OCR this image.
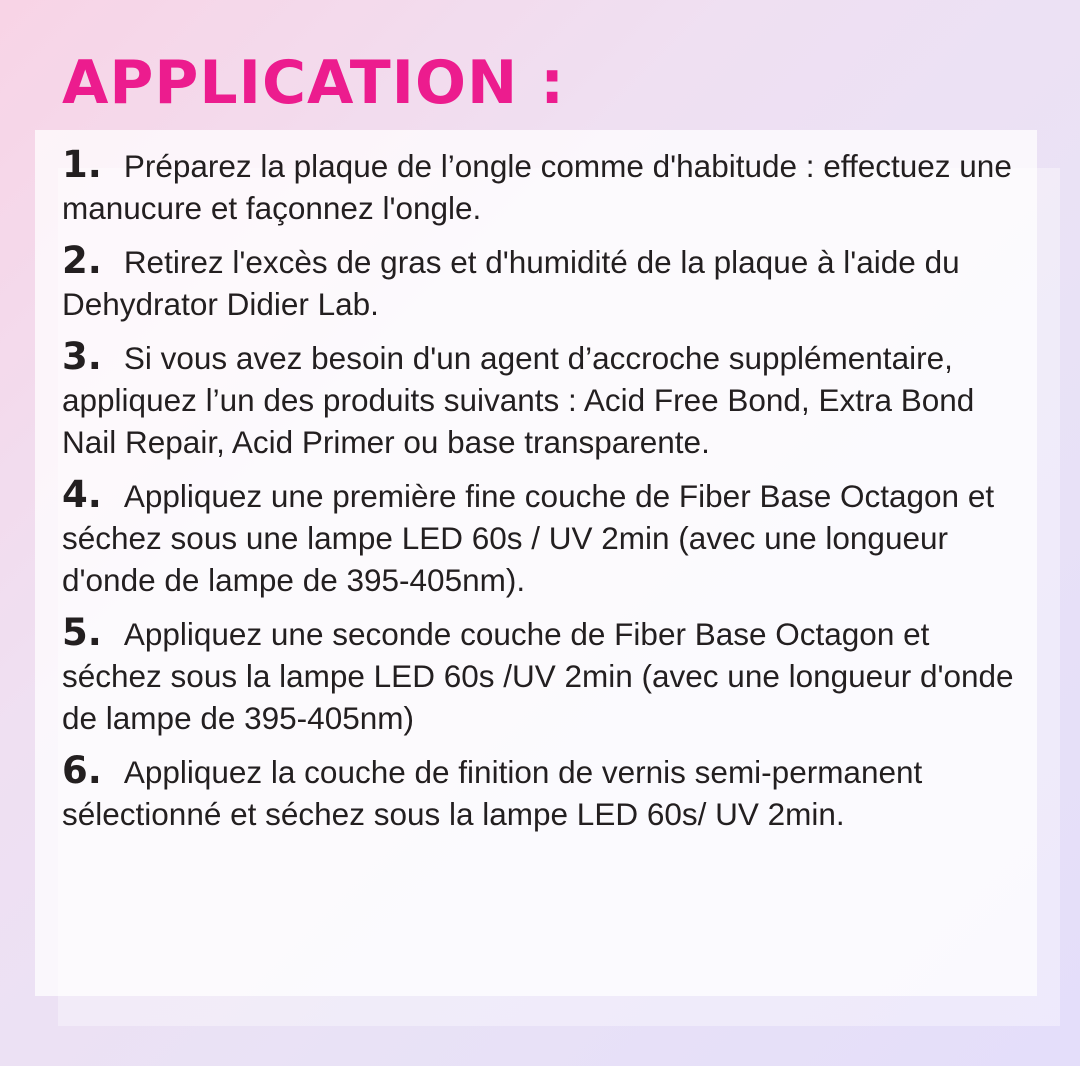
APPLICATION :
1. Préparez la plaque de l’ongle comme d'habitude : effectuez une manucure et façonnez l'ongle.
2. Retirez l'excès de gras et d'humidité de la plaque à l'aide du Dehydrator Didier Lab.
3. Si vous avez besoin d'un agent d’accroche supplémentaire, appliquez l’un des produits suivants : Acid Free Bond, Extra Bond Nail Repair, Acid Primer ou base transparente.
4. Appliquez une première fine couche de Fiber Base Octagon et séchez sous une lampe LED 60s / UV 2min (avec une longueur d'onde de lampe de 395-405nm).
5. Appliquez une seconde couche de Fiber Base Octagon et séchez sous la lampe LED 60s /UV 2min (avec une longueur d'onde de lampe de 395-405nm)
6. Appliquez la couche de finition de vernis semi-permanent sélectionné et séchez sous la lampe LED 60s/ UV 2min.
